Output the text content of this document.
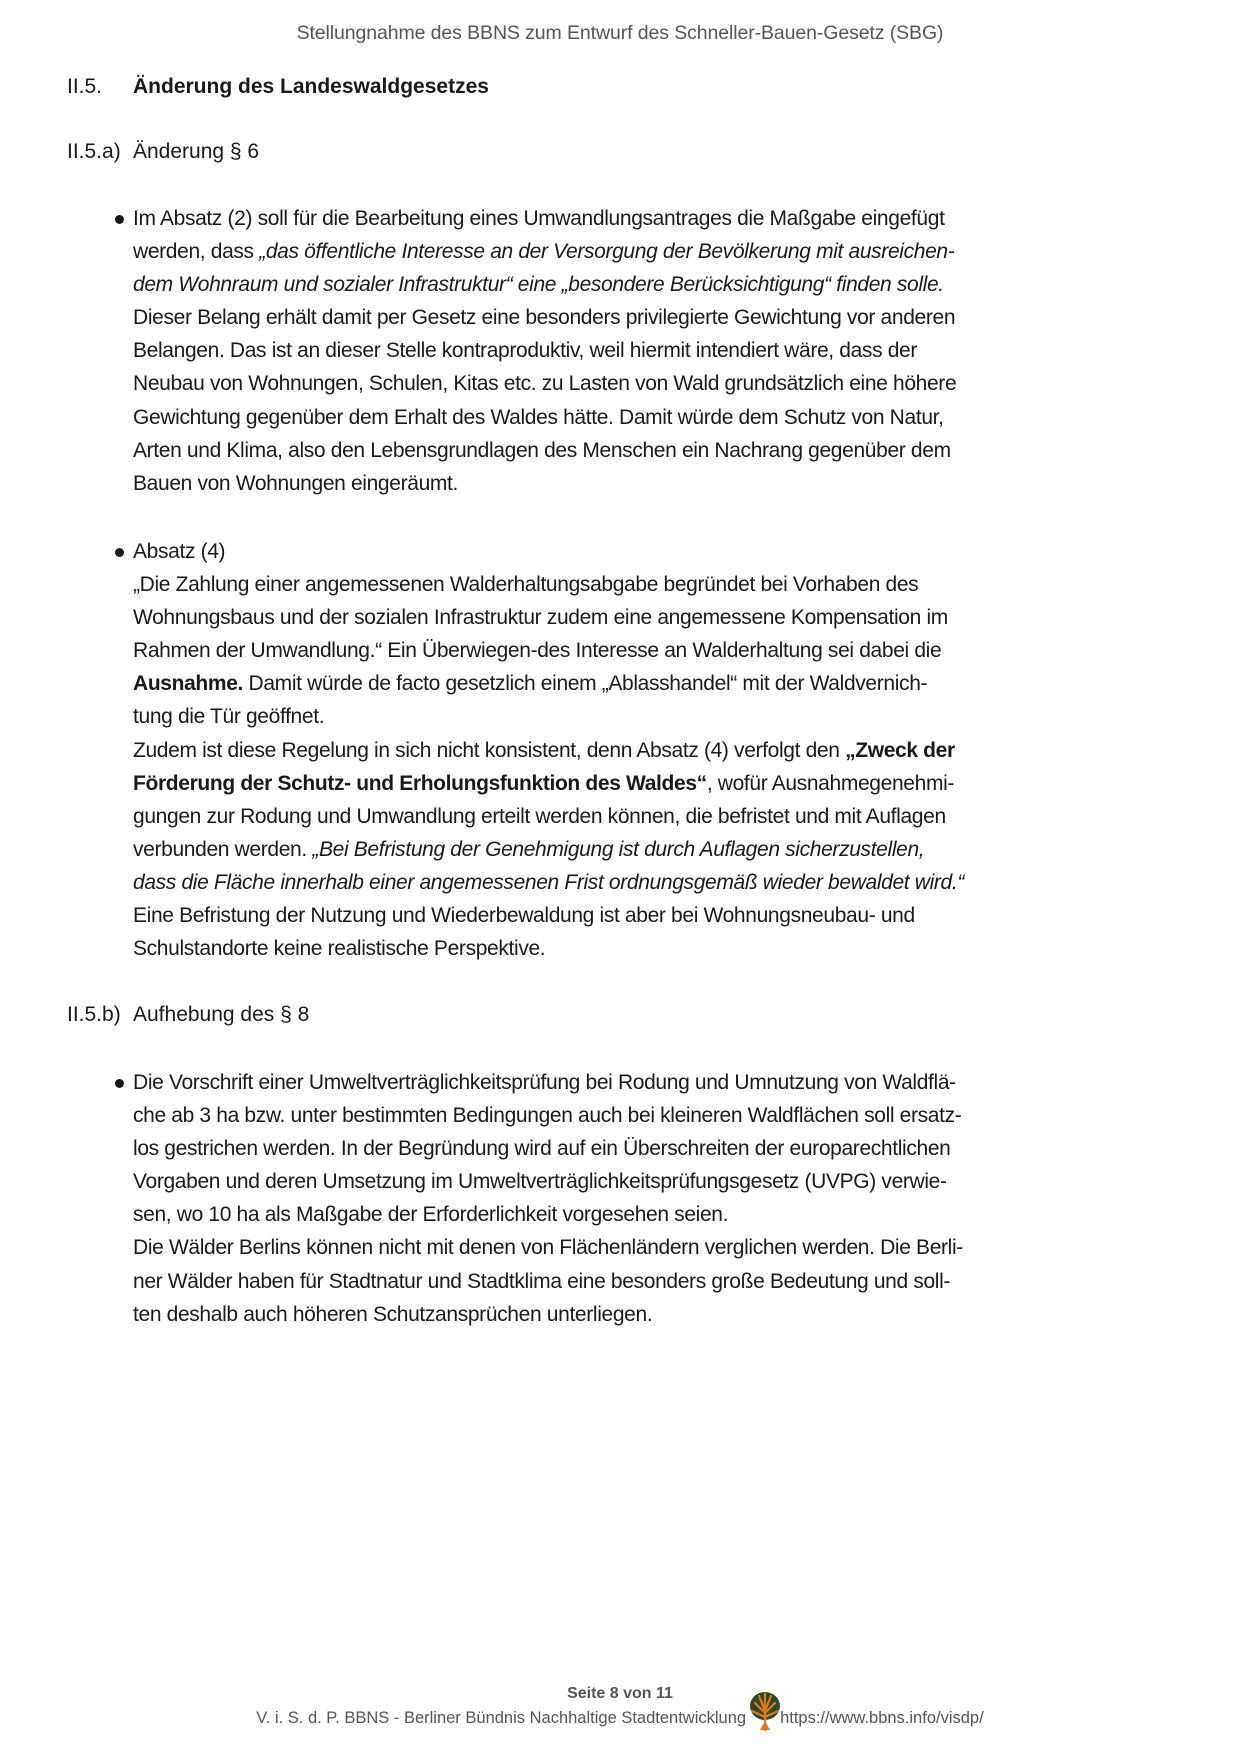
Stellungnahme des BBNS zum Entwurf des Schneller-Bauen-Gesetz (SBG)
II.5.	Änderung des Landeswaldgesetzes
II.5.a) Änderung § 6
Im Absatz (2) soll für die Bearbeitung eines Umwandlungsantrages die Maßgabe eingefügt
werden, dass „das öffentliche Interesse an der Versorgung der Bevölkerung mit ausreichen-
dem Wohnraum und sozialer Infrastruktur“ eine „besondere Berücksichtigung“ finden solle.
Dieser Belang erhält damit per Gesetz eine besonders privilegierte Gewichtung vor anderen
Belangen. Das ist an dieser Stelle kontraproduktiv, weil hiermit intendiert wäre, dass der
Neubau von Wohnungen, Schulen, Kitas etc. zu Lasten von Wald grundsätzlich eine höhere
Gewichtung gegenüber dem Erhalt des Waldes hätte. Damit würde dem Schutz von Natur,
Arten und Klima, also den Lebensgrundlagen des Menschen ein Nachrang gegenüber dem
Bauen von Wohnungen eingeräumt.
Absatz (4)
„Die Zahlung einer angemessenen Walderhaltungsabgabe begründet bei Vorhaben des
Wohnungsbaus und der sozialen Infrastruktur zudem eine angemessene Kompensation im
Rahmen der Umwandlung.“ Ein Überwiegen-des Interesse an Walderhaltung sei dabei die
Ausnahme. Damit würde de facto gesetzlich einem „Ablasshandel“ mit der Waldvernich-
tung die Tür geöffnet.
Zudem ist diese Regelung in sich nicht konsistent, denn Absatz (4) verfolgt den „Zweck der
Förderung der Schutz- und Erholungsfunktion des Waldes“, wofür Ausnahmegenehmi-
gungen zur Rodung und Umwandlung erteilt werden können, die befristet und mit Auflagen
verbunden werden. „Bei Befristung der Genehmigung ist durch Auflagen sicherzustellen,
dass die Fläche innerhalb einer angemessenen Frist ordnungsgemäß wieder bewaldet wird.“
Eine Befristung der Nutzung und Wiederbewaldung ist aber bei Wohnungsneubau- und
Schulstandorte keine realistische Perspektive.
II.5.b) Aufhebung des § 8
Die Vorschrift einer Umweltverträglichkeitsprüfung bei Rodung und Umnutzung von Waldflä-
che ab 3 ha bzw. unter bestimmten Bedingungen auch bei kleineren Waldflächen soll ersatz-
los gestrichen werden. In der Begründung wird auf ein Überschreiten der europarechtlichen
Vorgaben und deren Umsetzung im Umweltverträglichkeitsprüfungsgesetz (UVPG) verwie-
sen, wo 10 ha als Maßgabe der Erforderlichkeit vorgesehen seien.
Die Wälder Berlins können nicht mit denen von Flächenländern verglichen werden. Die Berli-
ner Wälder haben für Stadtnatur und Stadtklima eine besonders große Bedeutung und soll-
ten deshalb auch höheren Schutzansprüchen unterliegen.
Seite 8 von 11
V. i. S. d. P. BBNS - Berliner Bündnis Nachhaltige Stadtentwicklung https://www.bbns.info/visdp/
